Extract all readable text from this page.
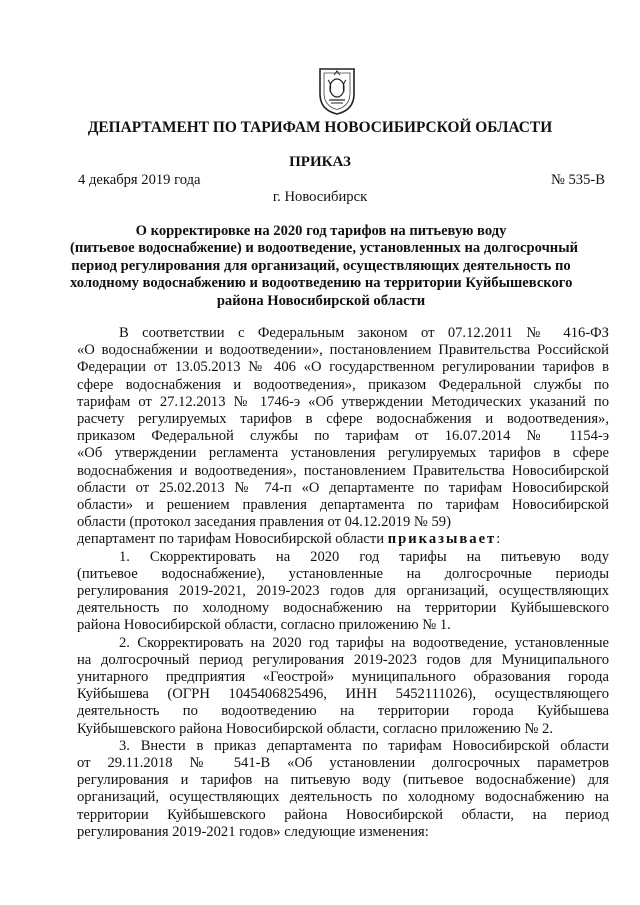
ДЕПАРТАМЕНТ ПО ТАРИФАМ НОВОСИБИРСКОЙ ОБЛАСТИ
ПРИКАЗ
4 декабря 2019 года	№ 535-В
г. Новосибирск
О корректировке на 2020 год тарифов на питьевую воду
(питьевое водоснабжение) и водоотведение, установленных на долгосрочный
период регулирования для организаций, осуществляющих деятельность по
холодному водоснабжению и водоотведению на территории Куйбышевского
района Новосибирской области
В соответствии с Федеральным законом от 07.12.2011 № 416-ФЗ
«О водоснабжении и водоотведении», постановлением Правительства Российской
Федерации от 13.05.2013 № 406 «О государственном регулировании тарифов в
сфере водоснабжения и водоотведения», приказом Федеральной службы по
тарифам от 27.12.2013 № 1746-э «Об утверждении Методических указаний по
расчету регулируемых тарифов в сфере водоснабжения и водоотведения»,
приказом Федеральной службы по тарифам от 16.07.2014 № 1154-э
«Об утверждении регламента установления регулируемых тарифов в сфере
водоснабжения и водоотведения», постановлением Правительства Новосибирской
области от 25.02.2013 № 74-п «О департаменте по тарифам Новосибирской
области» и решением правления департамента по тарифам Новосибирской
области (протокол заседания правления от 04.12.2019 № 59)
департамент по тарифам Новосибирской области приказывает:
1. Скорректировать на 2020 год тарифы на питьевую воду
(питьевое водоснабжение), установленные на долгосрочные периоды
регулирования 2019-2021, 2019-2023 годов для организаций, осуществляющих
деятельность по холодному водоснабжению на территории Куйбышевского
района Новосибирской области, согласно приложению № 1.
2. Скорректировать на 2020 год тарифы на водоотведение, установленные
на долгосрочный период регулирования 2019-2023 годов для Муниципального
унитарного предприятия «Геострой» муниципального образования города
Куйбышева (ОГРН 1045406825496, ИНН 5452111026), осуществляющего
деятельность по водоотведению на территории города Куйбышева
Куйбышевского района Новосибирской области, согласно приложению № 2.
3. Внести в приказ департамента по тарифам Новосибирской области
от 29.11.2018 № 541-В «Об установлении долгосрочных параметров
регулирования и тарифов на питьевую воду (питьевое водоснабжение) для
организаций, осуществляющих деятельность по холодному водоснабжению на
территории Куйбышевского района Новосибирской области, на период
регулирования 2019-2021 годов» следующие изменения:
